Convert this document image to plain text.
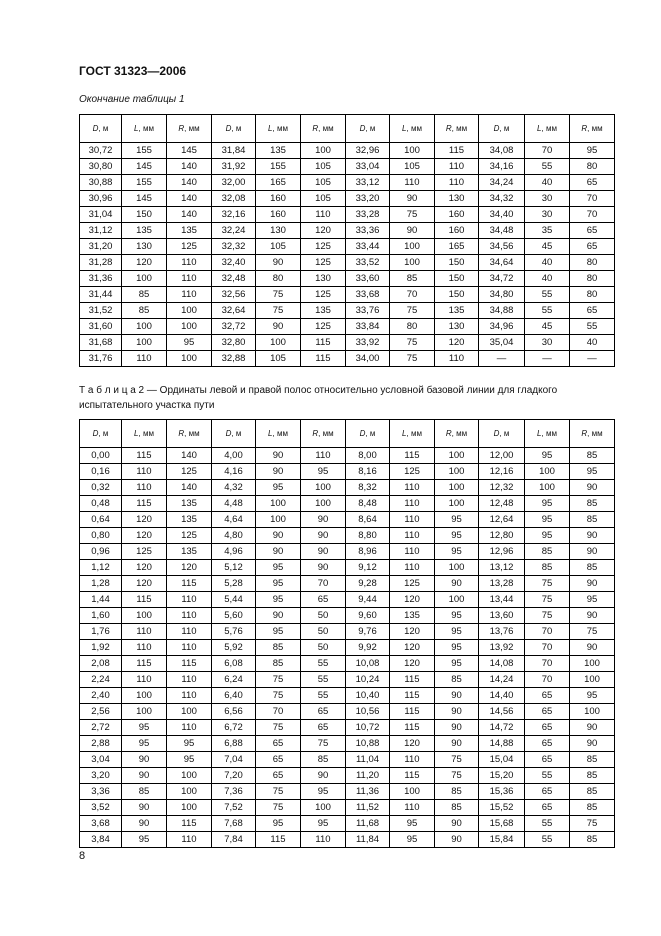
ГОСТ 31323—2006
Окончание таблицы 1
D, м	L, мм	R, мм	D, м	L, мм	R, мм	D, м	L, мм	R, мм	D, м	L, мм	R, мм
30,72	155	145	31,84	135	100	32,96	100	115	34,08	70	95
30,80	145	140	31,92	155	105	33,04	105	110	34,16	55	80
30,88	155	140	32,00	165	105	33,12	110	110	34,24	40	65
30,96	145	140	32,08	160	105	33,20	90	130	34,32	30	70
31,04	150	140	32,16	160	110	33,28	75	160	34,40	30	70
31,12	135	135	32,24	130	120	33,36	90	160	34,48	35	65
31,20	130	125	32,32	105	125	33,44	100	165	34,56	45	65
31,28	120	110	32,40	90	125	33,52	100	150	34,64	40	80
31,36	100	110	32,48	80	130	33,60	85	150	34,72	40	80
31,44	85	110	32,56	75	125	33,68	70	150	34,80	55	80
31,52	85	100	32,64	75	135	33,76	75	135	34,88	55	65
31,60	100	100	32,72	90	125	33,84	80	130	34,96	45	55
31,68	100	95	32,80	100	115	33,92	75	120	35,04	30	40
31,76	110	100	32,88	105	115	34,00	75	110	—	—	—
Т а б л и ц а 2 — Ординаты левой и правой полос относительно условной базовой линии для гладкого испытательного участка пути
D, м	L, мм	R, мм	D, м	L, мм	R, мм	D, м	L, мм	R, мм	D, м	L, мм	R, мм
0,00	115	140	4,00	90	110	8,00	115	100	12,00	95	85
0,16	110	125	4,16	90	95	8,16	125	100	12,16	100	95
0,32	110	140	4,32	95	100	8,32	110	100	12,32	100	90
0,48	115	135	4,48	100	100	8,48	110	100	12,48	95	85
0,64	120	135	4,64	100	90	8,64	110	95	12,64	95	85
0,80	120	125	4,80	90	90	8,80	110	95	12,80	95	90
0,96	125	135	4,96	90	90	8,96	110	95	12,96	85	90
1,12	120	120	5,12	95	90	9,12	110	100	13,12	85	85
1,28	120	115	5,28	95	70	9,28	125	90	13,28	75	90
1,44	115	110	5,44	95	65	9,44	120	100	13,44	75	95
1,60	100	110	5,60	90	50	9,60	135	95	13,60	75	90
1,76	110	110	5,76	95	50	9,76	120	95	13,76	70	75
1,92	110	110	5,92	85	50	9,92	120	95	13,92	70	90
2,08	115	115	6,08	85	55	10,08	120	95	14,08	70	100
2,24	110	110	6,24	75	55	10,24	115	85	14,24	70	100
2,40	100	110	6,40	75	55	10,40	115	90	14,40	65	95
2,56	100	100	6,56	70	65	10,56	115	90	14,56	65	100
2,72	95	110	6,72	75	65	10,72	115	90	14,72	65	90
2,88	95	95	6,88	65	75	10,88	120	90	14,88	65	90
3,04	90	95	7,04	65	85	11,04	110	75	15,04	65	85
3,20	90	100	7,20	65	90	11,20	115	75	15,20	55	85
3,36	85	100	7,36	75	95	11,36	100	85	15,36	65	85
3,52	90	100	7,52	75	100	11,52	110	85	15,52	65	85
3,68	90	115	7,68	95	95	11,68	95	90	15,68	55	75
3,84	95	110	7,84	115	110	11,84	95	90	15,84	55	85
8
